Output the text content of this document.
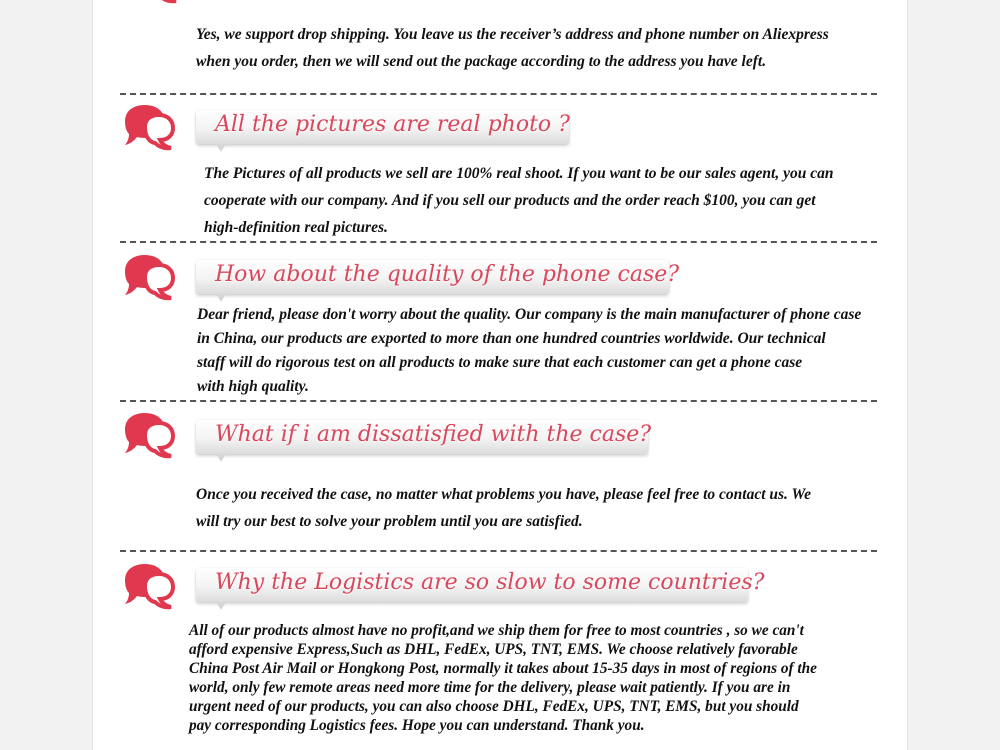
Yes, we support drop shipping. You leave us the receiver’s address and phone number on Aliexpress
when you order, then we will send out the package according to the address you have left.
All the pictures are real photo ?
The Pictures of all products we sell are 100% real shoot. If you want to be our sales agent, you can
cooperate with our company. And if you sell our products and the order reach $100, you can get
high-definition real pictures.
How about the quality of the phone case?
Dear friend, please don't worry about the quality. Our company is the main manufacturer of phone case
in China, our products are exported to more than one hundred countries worldwide. Our technical
staff will do rigorous test on all products to make sure that each customer can get a phone case
with high quality.
What if i am dissatisfied with the case?
Once you received the case, no matter what problems you have, please feel free to contact us. We
will try our best to solve your problem until you are satisfied.
Why the Logistics are so slow to some countries?
All of our products almost have no profit,and we ship them for free to most countries , so we can't
afford expensive Express,Such as DHL, FedEx, UPS, TNT, EMS. We choose relatively favorable
China Post Air Mail or Hongkong Post, normally it takes about 15-35 days in most of regions of the
world, only few remote areas need more time for the delivery, please wait patiently. If you are in
urgent need of our products, you can also choose DHL, FedEx, UPS, TNT, EMS, but you should
pay corresponding Logistics fees. Hope you can understand. Thank you.
